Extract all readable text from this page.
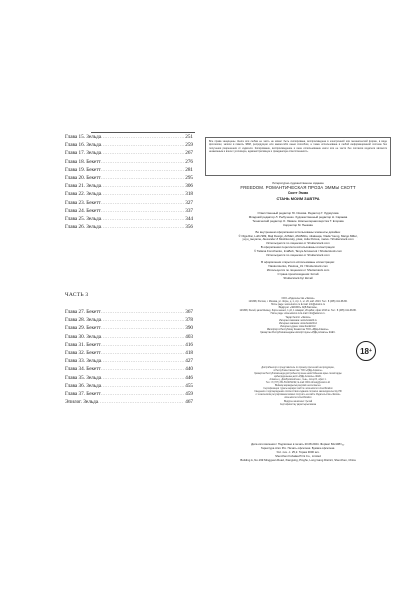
Глава 15. Зельда .....	251
Глава 16. Зельда .....	259
Глава 17. Зельда .....	267
Глава 18. Бекетт .....	276
Глава 19. Бекетт .....	281
Глава 20. Бекетт .....	295
Глава 21. Зельда .....	306
Глава 22. Зельда .....	318
Глава 23. Бекетт .....	327
Глава 24. Бекетт .....	337
Глава 25. Зельда .....	344
Глава 26. Зельда .....	356
ЧАСТЬ 3
Глава 27. Бекетт .....	367
Глава 28. Зельда .....	378
Глава 29. Бекетт .....	390
Глава 30. Зельда .....	403
Глава 31. Бекетт .....	416
Глава 32. Бекетт .....	418
Глава 33. Зельда .....	427
Глава 34. Бекетт .....	440
Глава 35. Зельда .....	446
Глава 36. Зельда .....	455
Глава 37. Бекетт .....	459
Эпилог. Зельда .....	467
Все права защищены. Книга или любая ее часть не может быть скопирована, воспроизведена в электронной или механической форме, в виде фотокопии, записи в память ЭВМ, репродукции или каким-либо иным способом, а также использована в любой информационной системе без получения разрешения от издателя. Копирование, воспроизведение и иное использование книги или ее части без согласия издателя является незаконным и влечет уголовную, административную и гражданскую ответственность.
Литературно-художественное издание
FREEDOM. РОМАНТИЧЕСКАЯ ПРОЗА ЭММЫ СКОТТ
Скотт Эмма
СТАНЬ МОИМ ЗАВТРА

Ответственный редактор Ю. Иохова. Редактор Г. Лудмухова

Младший редактор Л. Рыбученко. Художественный редактор Н. Сараева

Технический редактор О. Лёвкин. Компьютерная верстка Т. Егорова

Корректор М. Пыжова

Во внутреннем оформлении использованы элементы дизайна:

© Olga Rai, Lutfi.r999, Maji Design, ArtMari, AM-Biblio, nikalauqa, Vlada Young, Margo Miller,

yuyu_taoyame, Alexander Z Moshkovsky, pisai, Julia Polova, matve / Shutterstock.com

Используются по лицензии от Shutterstock.com

В оформлении переплета использованы иллюстрации:

© Tatiana Fomchenko, ImaBob, Tanya Antusenok / Shutterstock.com

Используются по лицензии от Shutterstock.com

В оформлении открытого использованы иллюстрации:

Уlaskorotenko, Pavlova_31 / Shutterstock.com

Используется по лицензии от Shutterstock.com

Страна происхождения: Китай

Shutterstock.by/ Китай

ООО «Издательство «Эксмо»

123308, Россия, г. Москва, ул. Зорге, д. 1, стр. 1, эт. 20, каб. 2013. Тел.: 8 (495) 411-68-86.

Home page: www.eksmo.ru E-mail: info@eksmo.ru

Өндіруші: «ЭКСМО» АҚБ Баспасы,

123308, Ресей, қала Мәскеу, Зорге көшесі, 1 үй, 1 ғимарат, 20 қабат, офис 2013 ж. Тел.: 8 (495) 411-68-86.

Home page: www.eksmo.ru E-mail: info@eksmo.ru.

Тауар белгісі: «Эксмо»

Интернет-магазин: www.book24.ru

Интернет-магазин: www.book24.kz

Интернет-дүкен: www.book24.kz

Импортёр в Республику Казахстан ТОО «РДЦ-Алматы».

Қазақстан Республикасындағы импорттаушы «РДЦ-Алматы» ЖШС.

18 +

Дистрибьютор и представитель по приему претензий на продукцию,

в Республике Казахстан: ТОО «РДЦ-Алматы»

Қазақстан Республикасында дистрибьютор және өнім бойынша арыз-талаптарды

қабылдаушының өкілі «РДЦ-Алматы» ЖШС,

Алматы қ., Домбровский көш., 3«а», литер Б, офис 1.

Тел.: 8 (727) 251-59-90/91/92; E-mail: RDC-Almaty@eksmo.kz

Өнімнің жарамдылық мерзімі шектелмеген.

Сертификация туралы ақпарат сайтта: www.eksmo.ru/certification

Сведения о подтверждении соответствия издания согласно законодательству РФ

о техническом регулировании можно получить на сайте Издательства «Эксмо»

www.eksmo.ru/certification

Өндірген мемлекет: Қытай

Сертификаттау қарастырылмаған

Дата изготовления / Подписано в печать 20.08.2024. Формат 84x108¹/₃₂.

Гарнитура Anro Pro. Печать офсетная. Бумага офсетная.

Усл. печ. л. 25,2. Тираж 3000 экз.

Shenzhen Fuhalaa Print Co., Limited

Building A, No.199 Mingguan Road, Xiangxing, Pinghu, Long Gang District, Shenzhen, China
